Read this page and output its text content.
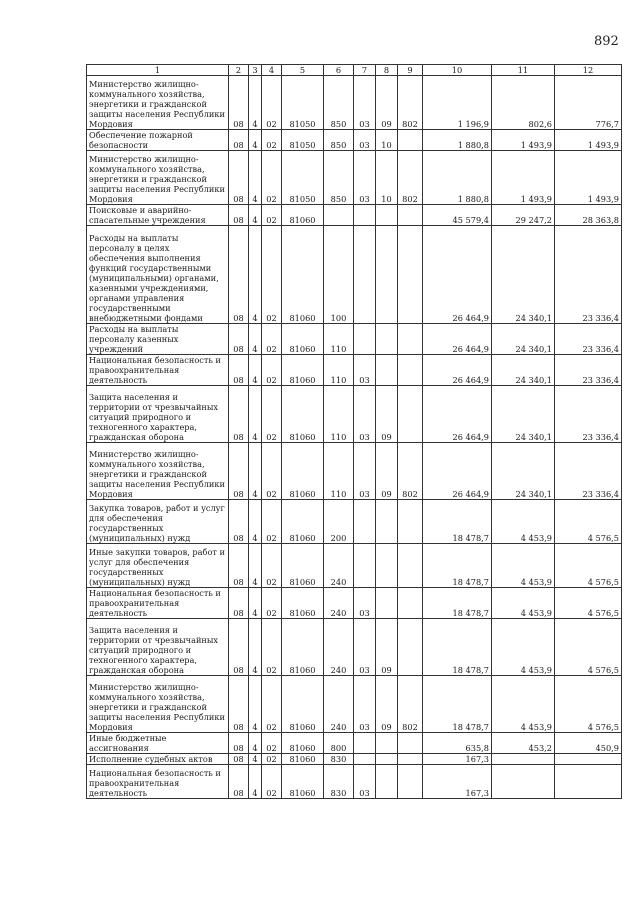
892
1	2	3	4	5	6	7	8	9	10	11	12
Министерство жилищно-коммунального хозяйства, энергетики и гражданской защиты населения Республики Мордовия	08	4	02	81050	850	03	09	802	1 196,9	802,6	776,7
Обеспечение пожарной безопасности	08	4	02	81050	850	03	10		1 880,8	1 493,9	1 493,9
Министерство жилищно-коммунального хозяйства, энергетики и гражданской защиты населения Республики Мордовия	08	4	02	81050	850	03	10	802	1 880,8	1 493,9	1 493,9
Поисковые и аварийно-спасательные учреждения	08	4	02	81060					45 579,4	29 247,2	28 363,8
Расходы на выплаты персоналу в целях обеспечения выполнения функций государственными (муниципальными) органами, казенными учреждениями, органами управления государственными внебюджетными фондами	08	4	02	81060	100				26 464,9	24 340,1	23 336,4
Расходы на выплаты персоналу казенных учреждений	08	4	02	81060	110				26 464,9	24 340,1	23 336,4
Национальная безопасность и правоохранительная деятельность	08	4	02	81060	110	03			26 464,9	24 340,1	23 336,4
Защита населения и территории от чрезвычайных ситуаций природного и техногенного характера, гражданская оборона	08	4	02	81060	110	03	09		26 464,9	24 340,1	23 336,4
Министерство жилищно-коммунального хозяйства, энергетики и гражданской защиты населения Республики Мордовия	08	4	02	81060	110	03	09	802	26 464,9	24 340,1	23 336,4
Закупка товаров, работ и услуг для обеспечения государственных (муниципальных) нужд	08	4	02	81060	200				18 478,7	4 453,9	4 576,5
Иные закупки товаров, работ и услуг для обеспечения государственных (муниципальных) нужд	08	4	02	81060	240				18 478,7	4 453,9	4 576,5
Национальная безопасность и правоохранительная деятельность	08	4	02	81060	240	03			18 478,7	4 453,9	4 576,5
Защита населения и территории от чрезвычайных ситуаций природного и техногенного характера, гражданская оборона	08	4	02	81060	240	03	09		18 478,7	4 453,9	4 576,5
Министерство жилищно-коммунального хозяйства, энергетики и гражданской защиты населения Республики Мордовия	08	4	02	81060	240	03	09	802	18 478,7	4 453,9	4 576,5
Иные бюджетные ассигнования	08	4	02	81060	800				635,8	453,2	450,9
Исполнение судебных актов	08	4	02	81060	830				167,3		
Национальная безопасность и правоохранительная деятельность	08	4	02	81060	830	03			167,3		
